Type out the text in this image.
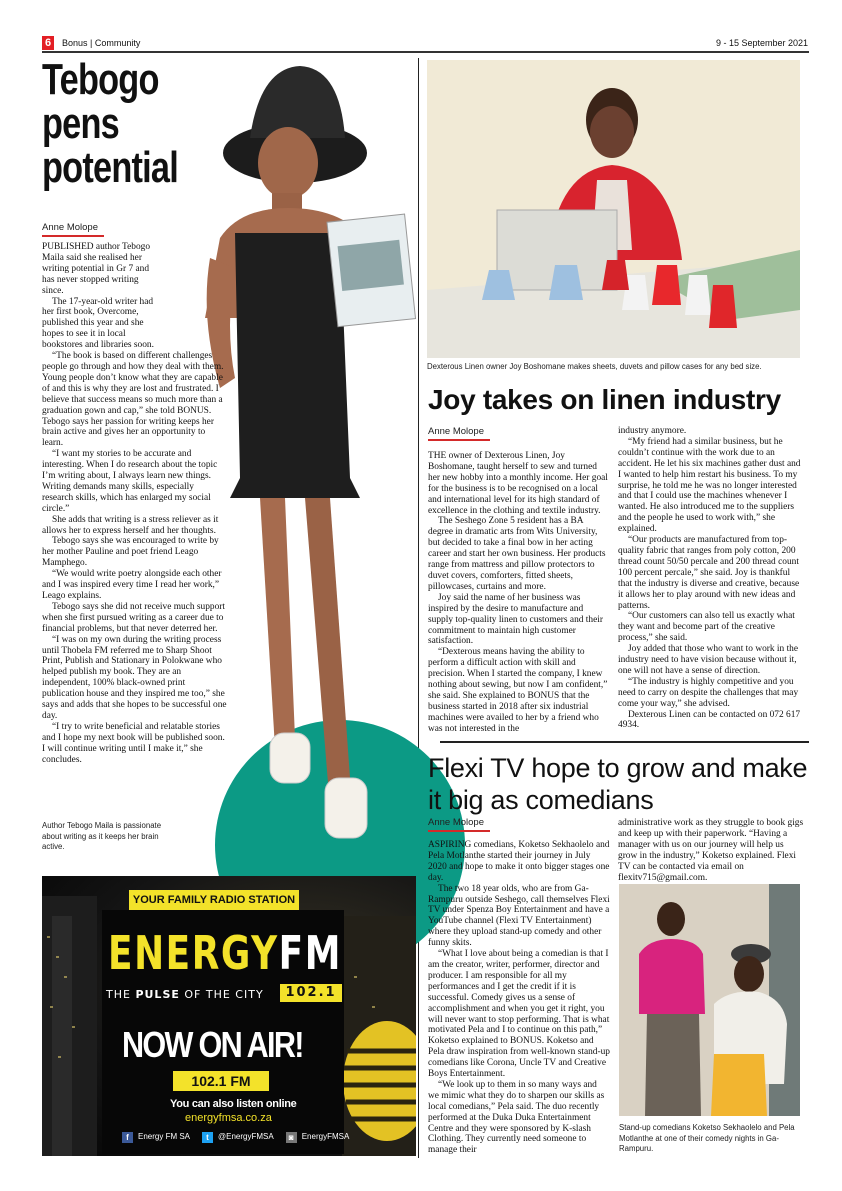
6	Bonus | Community	9 - 15 September 2021
Tebogo
pens
potential
Anne Molope

PUBLISHED author Tebogo Maila said she realised her writing potential in Gr 7 and has never stopped writing since.

The 17-year-old writer had her first book, Overcome, published this year and she hopes to see it in local bookstores and libraries soon.

“The book is based on different challenges people go through and how they deal with them. Young people don’t know what they are capable of and this is why they are lost and frustrated. I believe that success means so much more than a graduation gown and cap,” she told BONUS. Tebogo says her passion for writing keeps her brain active and gives her an opportunity to learn.

“I want my stories to be accurate and interesting. When I do research about the topic I’m writing about, I always learn new things. Writing demands many skills, especially research skills, which has enlarged my social circle.”

She adds that writing is a stress reliever as it allows her to express herself and her thoughts.

Tebogo says she was encouraged to write by her mother Pauline and poet friend Leago Mamphego.

“We would write poetry alongside each other and I was inspired every time I read her work,” Leago explains.

Tebogo says she did not receive much support when she first pursued writing as a career due to financial problems, but that never deterred her.

“I was on my own during the writing process until Thobela FM referred me to Sharp Shoot Print, Publish and Stationary in Polokwane who helped publish my book. They are an independent, 100% black-owned print publication house and they inspired me too,” she says and adds that she hopes to be successful one day.

“I try to write beneficial and relatable stories and I hope my next book will be published soon. I will continue writing until I make it,” she concludes.

Author Tebogo Maila is passionate about writing as it keeps her brain active.
Dexterous Linen owner Joy Boshomane makes sheets, duvets and pillow cases for any bed size.
Joy takes on linen industry
Anne Molope

THE owner of Dexterous Linen, Joy Boshomane, taught herself to sew and turned her new hobby into a monthly income. Her goal for the business is to be recognised on a local and international level for its high standard of excellence in the clothing and textile industry.

The Seshego Zone 5 resident has a BA degree in dramatic arts from Wits University, but decided to take a final bow in her acting career and start her own business. Her products range from mattress and pillow protectors to duvet covers, comforters, fitted sheets, pillowcases, curtains and more.

Joy said the name of her business was inspired by the desire to manufacture and supply top-quality linen to customers and their commitment to maintain high customer satisfaction.

“Dexterous means having the ability to perform a difficult action with skill and precision. When I started the company, I knew nothing about sewing, but now I am confident,” she said. She explained to BONUS that the business started in 2018 after six industrial machines were availed to her by a friend who was not interested in the

industry anymore.

“My friend had a similar business, but he couldn’t continue with the work due to an accident. He let his six machines gather dust and I wanted to help him restart his business. To my surprise, he told me he was no longer interested and that I could use the machines whenever I wanted. He also introduced me to the suppliers and the people he used to work with,” she explained.

“Our products are manufactured from top-quality fabric that ranges from poly cotton, 200 thread count 50/50 percale and 200 thread count 100 percent percale,” she said. Joy is thankful that the industry is diverse and creative, because it allows her to play around with new ideas and patterns.

“Our customers can also tell us exactly what they want and become part of the creative process,” she said.

Joy added that those who want to work in the industry need to have vision because without it, one will not have a sense of direction.

“The industry is highly competitive and you need to carry on despite the challenges that may come your way,” she advised.

Dexterous Linen can be contacted on 072 617 4934.

Flexi TV hope to grow and make it big as comedians
Anne Molope

ASPIRING comedians, Koketso Sekhaolelo and Pela Motlanthe started their journey in July 2020 and hope to make it onto bigger stages one day.

The two 18 year olds, who are from Ga-Rampuru outside Seshego, call themselves Flexi TV under Spenza Boy Entertainment and have a YouTube channel (Flexi TV Entertainment) where they upload stand-up comedy and other funny skits.

“What I love about being a comedian is that I am the creator, writer, performer, director and producer. I am responsible for all my performances and I get the credit if it is successful. Comedy gives us a sense of accomplishment and when you get it right, you will never want to stop performing. That is what motivated Pela and I to continue on this path,” Koketso explained to BONUS. Koketso and Pela draw inspiration from well-known stand-up comedians like Corona, Uncle TV and Creative Boys Entertainment.

“We look up to them in so many ways and we mimic what they do to sharpen our skills as local comedians,” Pela said. The duo recently performed at the Duka Duka Entertainment Centre and they were sponsored by K-slash Clothing. They currently need someone to manage their

administrative work as they struggle to book gigs and keep up with their paperwork. “Having a manager with us on our journey will help us grow in the industry,” Koketso explained. Flexi TV can be contacted via email on flexitv715@gmail.com.

Stand-up comedians Koketso Sekhaolelo and Pela Motlanthe at one of their comedy nights in Ga-Rampuru.
YOUR FAMILY RADIO STATION
ENERGYFM
THE PULSE OF THE CITY	102.1
NOW ON AIR!
102.1 FM
You can also listen online
energyfmsa.co.za
f	Energy FM SA	t	@EnergyFMSA	◙	EnergyFMSA
